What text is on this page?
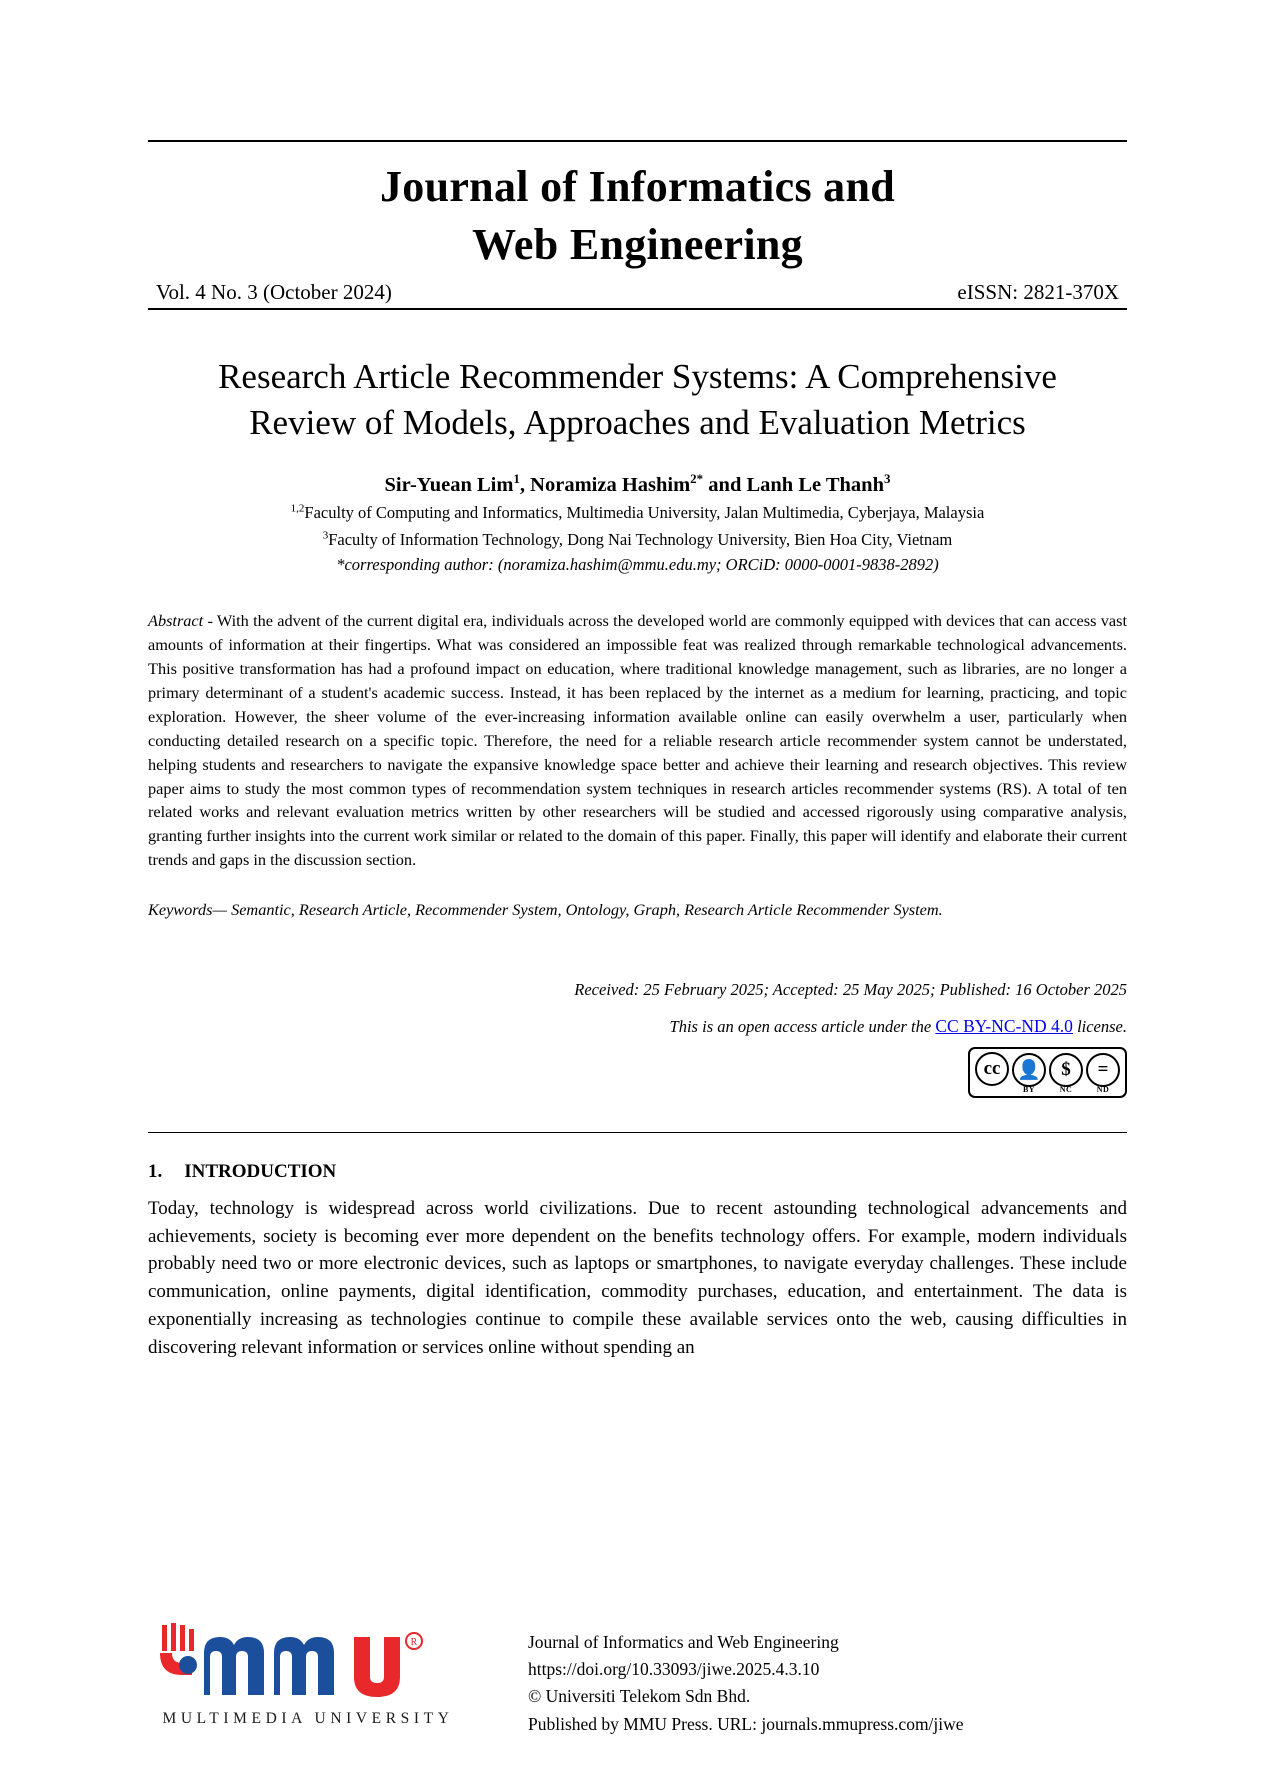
Journal of Informatics and
Web Engineering
Vol. 4 No. 3 (October 2024)	eISSN: 2821-370X
Research Article Recommender Systems: A Comprehensive Review of Models, Approaches and Evaluation Metrics
Sir-Yuean Lim$^1$, Noramiza Hashim$^{2*}$ and Lanh Le Thanh$^3$
$^{1,2}$Faculty of Computing and Informatics, Multimedia University, Jalan Multimedia, Cyberjaya, Malaysia
$^3$Faculty of Information Technology, Dong Nai Technology University, Bien Hoa City, Vietnam
*corresponding author: (noramiza.hashim@mmu.edu.my; ORCiD: 0000-0001-9838-2892)
Abstract - With the advent of the current digital era, individuals across the developed world are commonly equipped with devices that can access vast amounts of information at their fingertips. What was considered an impossible feat was realized through remarkable technological advancements. This positive transformation has had a profound impact on education, where traditional knowledge management, such as libraries, are no longer a primary determinant of a student's academic success. Instead, it has been replaced by the internet as a medium for learning, practicing, and topic exploration. However, the sheer volume of the ever-increasing information available online can easily overwhelm a user, particularly when conducting detailed research on a specific topic. Therefore, the need for a reliable research article recommender system cannot be understated, helping students and researchers to navigate the expansive knowledge space better and achieve their learning and research objectives. This review paper aims to study the most common types of recommendation system techniques in research articles recommender systems (RS). A total of ten related works and relevant evaluation metrics written by other researchers will be studied and accessed rigorously using comparative analysis, granting further insights into the current work similar or related to the domain of this paper. Finally, this paper will identify and elaborate their current trends and gaps in the discussion section.
Keywords— Semantic, Research Article, Recommender System, Ontology, Graph, Research Article Recommender System.
Received: 25 February 2025; Accepted: 25 May 2025; Published: 16 October 2025
This is an open access article under the CC BY-NC-ND 4.0 license.
cc 👤
BY
$
NC
=
ND
1. INTRODUCTION
Today, technology is widespread across world civilizations. Due to recent astounding technological advancements and achievements, society is becoming ever more dependent on the benefits technology offers. For example, modern individuals probably need two or more electronic devices, such as laptops or smartphones, to navigate everyday challenges. These include communication, online payments, digital identification, commodity purchases, education, and entertainment. The data is exponentially increasing as technologies continue to compile these available services onto the web, causing difficulties in discovering relevant information or services online without spending an
R
MULTIMEDIA UNIVERSITY
Journal of Informatics and Web Engineering
https://doi.org/10.33093/jiwe.2025.4.3.10
© Universiti Telekom Sdn Bhd.
Published by MMU Press. URL: journals.mmupress.com/jiwe
